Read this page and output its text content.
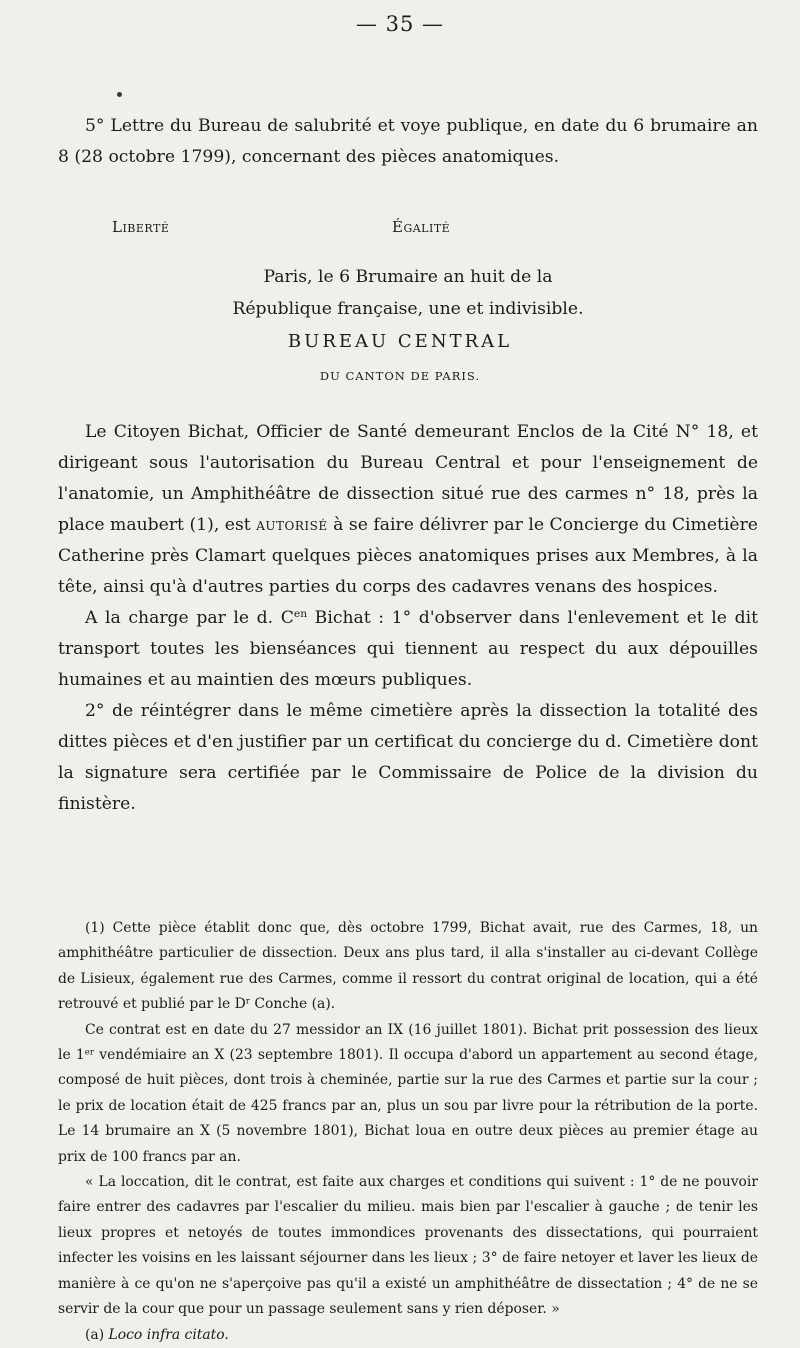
— 35 —

5° Lettre du Bureau de salubrité et voye publique, en date du 6 brumaire an 8 (28 octobre 1799), concernant des pièces anatomiques.

Liberté	Égalité
Paris, le 6 Brumaire an huit de la
République française, une et indivisible.
BUREAU CENTRAL
DU CANTON DE PARIS.

Le Citoyen Bichat, Officier de Santé demeurant Enclos de la Cité N° 18, et dirigeant sous l'autorisation du Bureau Central et pour l'enseignement de l'anatomie, un Amphithéâtre de dissection situé rue des carmes n° 18, près la place maubert (1), est autorisé à se faire délivrer par le Concierge du Cimetière Catherine près Clamart quelques pièces anatomiques prises aux Membres, à la tête, ainsi qu'à d'autres parties du corps des cadavres venans des hospices.

A la charge par le d. $C^{en}$ Bichat : 1° d'observer dans l'enlevement et le dit transport toutes les bienséances qui tiennent au respect du aux dépouilles humaines et au maintien des mœurs publiques.

2° de réintégrer dans le même cimetière après la dissection la totalité des dittes pièces et d'en justifier par un certificat du concierge du d. Cimetière dont la signature sera certifiée par le Commissaire de Police de la division du finistère.

(1) Cette pièce établit donc que, dès octobre 1799, Bichat avait, rue des Carmes, 18, un amphithéâtre particulier de dissection. Deux ans plus tard, il alla s'installer au ci-devant Collège de Lisieux, également rue des Carmes, comme il ressort du contrat original de location, qui a été retrouvé et publié par le $D^r$ Conche (a).

Ce contrat est en date du 27 messidor an IX (16 juillet 1801). Bichat prit possession des lieux le 1er vendémiaire an X (23 septembre 1801). Il occupa d'abord un appartement au second étage, composé de huit pièces, dont trois à cheminée, partie sur la rue des Carmes et partie sur la cour ; le prix de location était de 425 francs par an, plus un sou par livre pour la rétribution de la porte. Le 14 brumaire an X (5 novembre 1801), Bichat loua en outre deux pièces au premier étage au prix de 100 francs par an.

« La loccation, dit le contrat, est faite aux charges et conditions qui suivent : 1° de ne pouvoir faire entrer des cadavres par l'escalier du milieu. mais bien par l'escalier à gauche ; de tenir les lieux propres et netoyés de toutes immondices provenants des dissectations, qui pourraient infecter les voisins en les laissant séjourner dans les lieux ; 3° de faire netoyer et laver les lieux de manière à ce qu'on ne s'aperçoive pas qu'il a existé un amphithéâtre de dissectation ; 4° de ne se servir de la cour que pour un passage seulement sans y rien déposer. »

(a) Loco infra citato.
